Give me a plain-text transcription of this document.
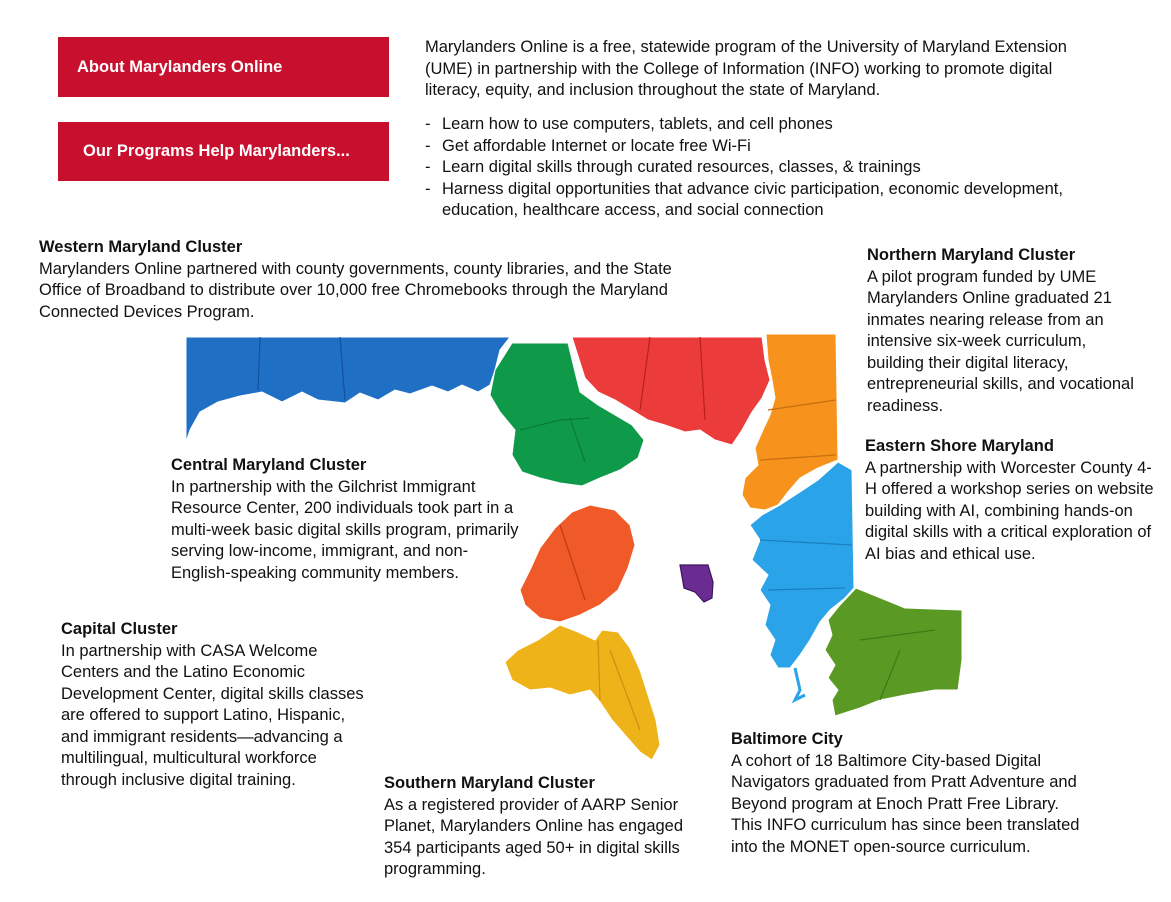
About Marylanders Online
Our Programs Help Marylanders...

Marylanders Online is a free, statewide program of the University of Maryland Extension (UME) in partnership with the College of Information (INFO) working to promote digital literacy, equity, and inclusion throughout the state of Maryland.

- Learn how to use computers, tablets, and cell phones
- Get affordable Internet or locate free Wi-Fi
- Learn digital skills through curated resources, classes, & trainings
- Harness digital opportunities that advance civic participation, economic development, education, healthcare access, and social connection
Western Maryland Cluster

Marylanders Online partnered with county governments, county libraries, and the State Office of Broadband to distribute over 10,000 free Chromebooks through the Maryland Connected Devices Program.

Northern Maryland Cluster

A pilot program funded by UME Marylanders Online graduated 21 inmates nearing release from an intensive six-week curriculum, building their digital literacy, entrepreneurial skills, and vocational readiness.

Eastern Shore Maryland

A partnership with Worcester County 4-H offered a workshop series on website building with AI, combining hands-on digital skills with a critical exploration of AI bias and ethical use.

Central Maryland Cluster

In partnership with the Gilchrist Immigrant Resource Center, 200 individuals took part in a multi-week basic digital skills program, primarily serving low-income, immigrant, and non-English-speaking community members.

Capital Cluster

In partnership with CASA Welcome Centers and the Latino Economic Development Center, digital skills classes are offered to support Latino, Hispanic, and immigrant residents—advancing a multilingual, multicultural workforce through inclusive digital training.	Southern Maryland Cluster

As a registered provider of AARP Senior Planet, Marylanders Online has engaged 354 participants aged 50+ in digital skills programming.

Baltimore City

A cohort of 18 Baltimore City-based Digital Navigators graduated from Pratt Adventure and Beyond program at Enoch Pratt Free Library. This INFO curriculum has since been translated into the MONET open-source curriculum.
